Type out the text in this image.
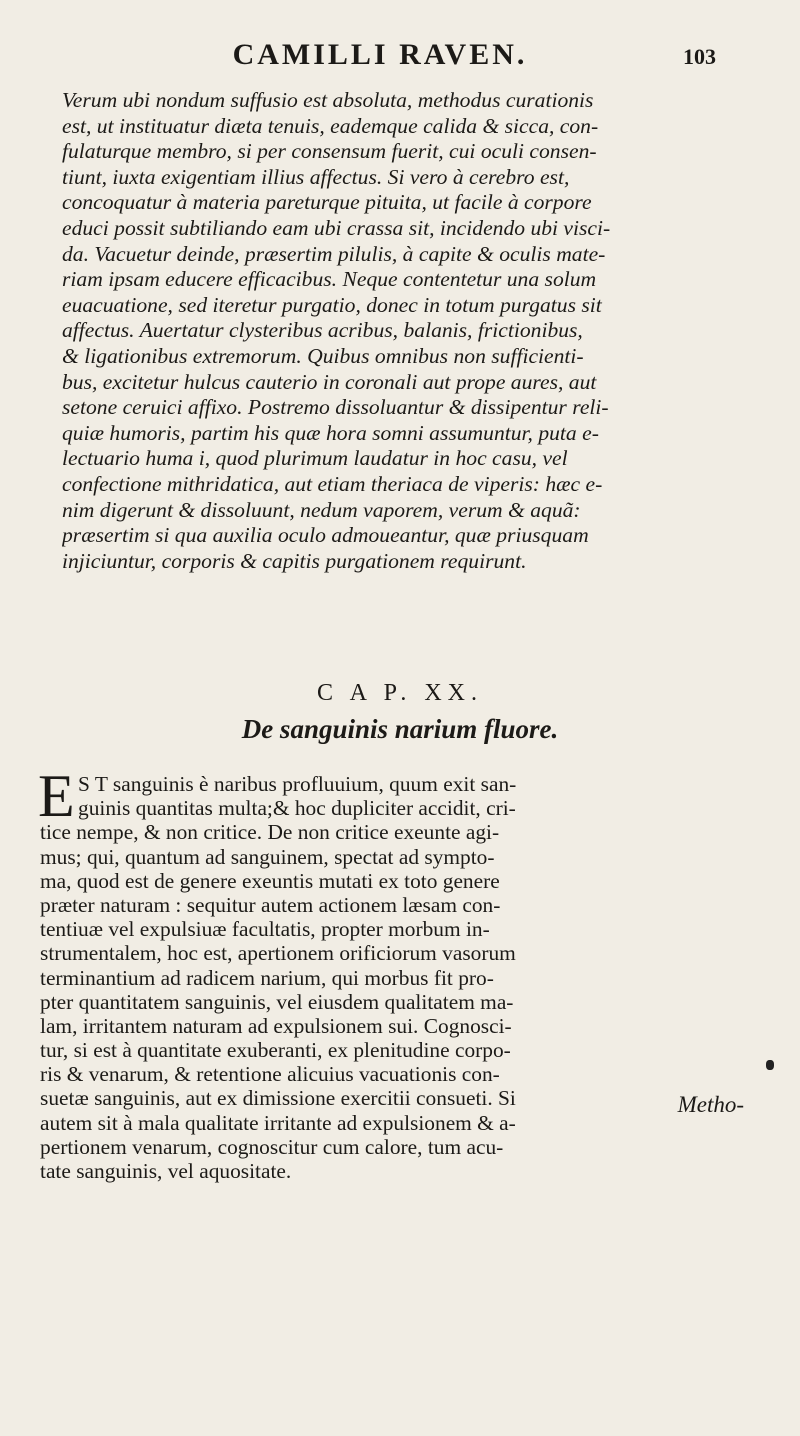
CAMILLI RAVEN.	103
Verum ubi nondum suffusio est absoluta, methodus curationis
est, ut instituatur diæta tenuis, eademque calida & sicca, con-
fulaturque membro, si per consensum fuerit, cui oculi consen-
tiunt, iuxta exigentiam illius affectus. Si vero à cerebro est,
concoquatur à materia pareturque pituita, ut facile à corpore
educi possit subtiliando eam ubi crassa sit, incidendo ubi visci-
da. Vacuetur deinde, præsertim pilulis, à capite & oculis mate-
riam ipsam educere efficacibus. Neque contentetur una solum
euacuatione, sed iteretur purgatio, donec in totum purgatus sit
affectus. Auertatur clysteribus acribus, balanis, frictionibus,
& ligationibus extremorum. Quibus omnibus non sufficienti-
bus, excitetur hulcus cauterio in coronali aut prope aures, aut
setone ceruici affixo. Postremo dissoluantur & dissipentur reli-
quiæ humoris, partim his quæ hora somni assumuntur, puta e-
lectuario huma i, quod plurimum laudatur in hoc casu, vel
confectione mithridatica, aut etiam theriaca de viperis: hæc e-
nim digerunt & dissoluunt, nedum vaporem, verum & aquã:
præsertim si qua auxilia oculo admoueantur, quæ priusquam
injiciuntur, corporis & capitis purgationem requirunt.
C A P. XX.
De sanguinis narium fluore.
E S T sanguinis è naribus profluuium, quum exit san-
guinis quantitas multa;& hoc dupliciter accidit, cri-
tice nempe, & non critice. De non critice exeunte agi-
mus; qui, quantum ad sanguinem, spectat ad sympto-
ma, quod est de genere exeuntis mutati ex toto genere
præter naturam : sequitur autem actionem læsam con-
tentiuæ vel expulsiuæ facultatis, propter morbum in-
strumentalem, hoc est, apertionem orificiorum vasorum
terminantium ad radicem narium, qui morbus fit pro-
pter quantitatem sanguinis, vel eiusdem qualitatem ma-
lam, irritantem naturam ad expulsionem sui. Cognosci-
tur, si est à quantitate exuberanti, ex plenitudine corpo-
ris & venarum, & retentione alicuius vacuationis con-
suetæ sanguinis, aut ex dimissione exercitii consueti. Si
autem sit à mala qualitate irritante ad expulsionem & a-
pertionem venarum, cognoscitur cum calore, tum acu-
tate sanguinis, vel aquositate.
Metho-
